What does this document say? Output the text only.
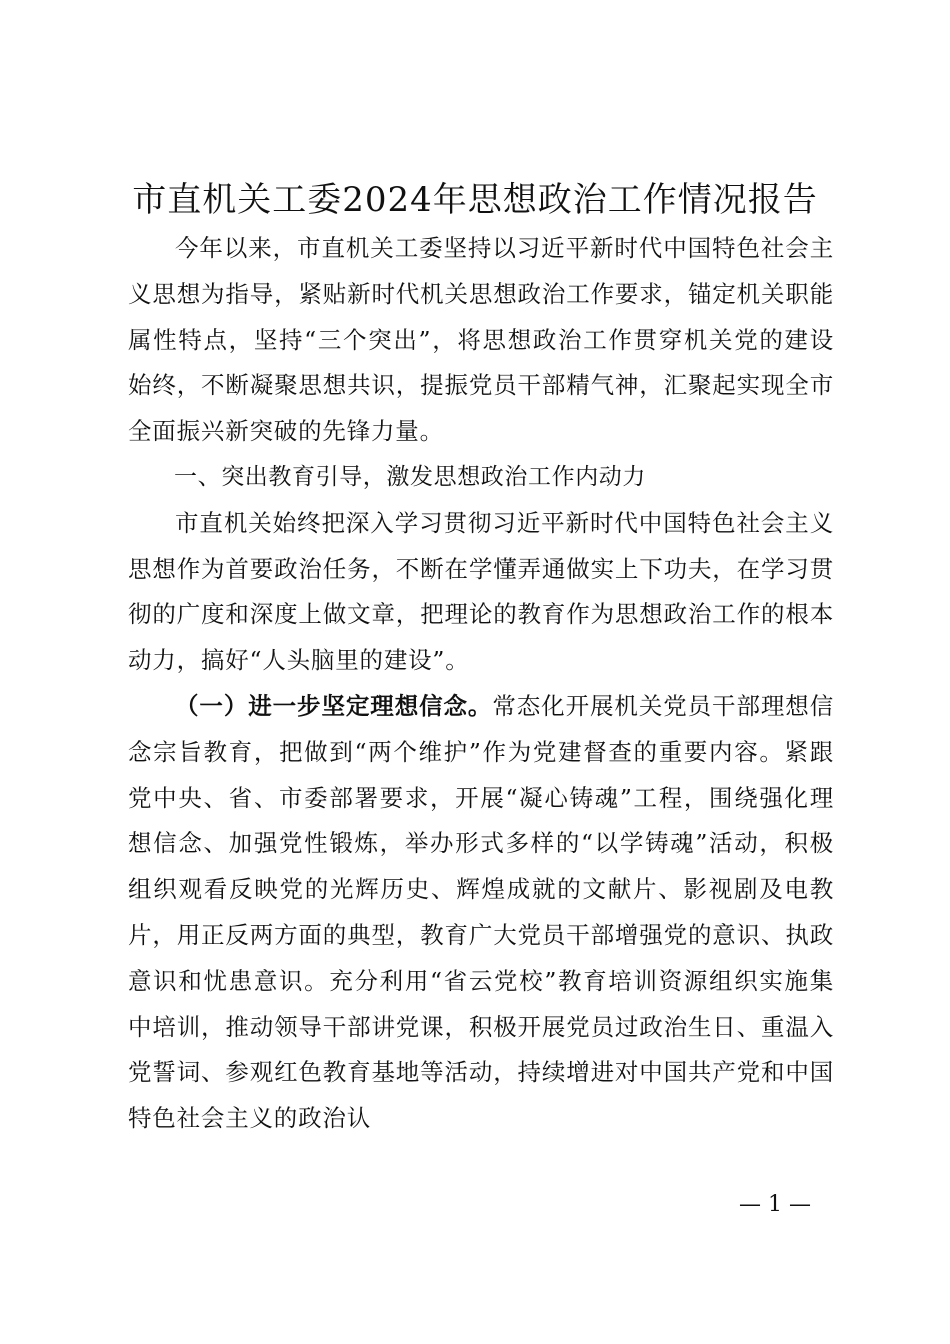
市直机关工委2024年思想政治工作情况报告

今年以来，市直机关工委坚持以习近平新时代中国特色社会主义思想为指导，紧贴新时代机关思想政治工作要求，锚定机关职能属性特点，坚持“三个突出”，将思想政治工作贯穿机关党的建设始终，不断凝聚思想共识，提振党员干部精气神，汇聚起实现全市全面振兴新突破的先锋力量。

一、突出教育引导，激发思想政治工作内动力

市直机关始终把深入学习贯彻习近平新时代中国特色社会主义思想作为首要政治任务，不断在学懂弄通做实上下功夫，在学习贯彻的广度和深度上做文章，把理论的教育作为思想政治工作的根本动力，搞好“人头脑里的建设”。

（一）进一步坚定理想信念。常态化开展机关党员干部理想信念宗旨教育，把做到“两个维护”作为党建督查的重要内容。紧跟党中央、省、市委部署要求，开展“凝心铸魂”工程，围绕强化理想信念、加强党性锻炼，举办形式多样的“以学铸魂”活动，积极组织观看反映党的光辉历史、辉煌成就的文献片、影视剧及电教片，用正反两方面的典型，教育广大党员干部增强党的意识、执政意识和忧患意识。充分利用“省云党校”教育培训资源组织实施集中培训，推动领导干部讲党课，积极开展党员过政治生日、重温入党誓词、参观红色教育基地等活动，持续增进对中国共产党和中国特色社会主义的政治认

— 1 —
